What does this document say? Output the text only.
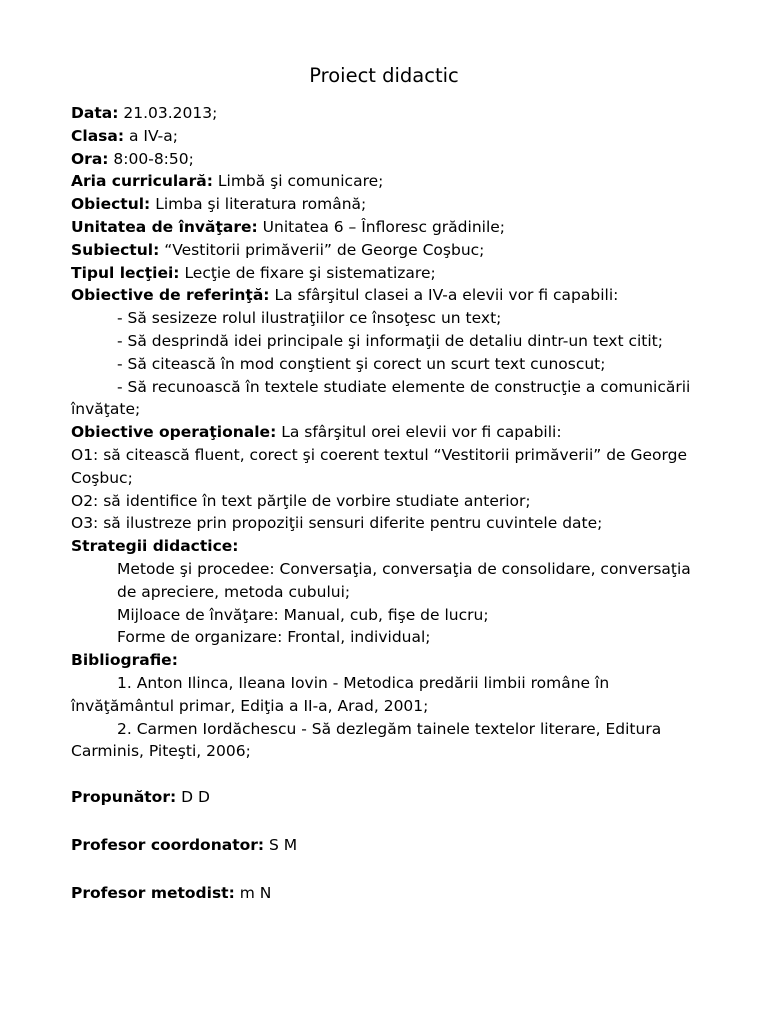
Proiect didactic

Data: 21.03.2013;

Clasa: a IV-a;

Ora: 8:00-8:50;

Aria curriculară: Limbă şi comunicare;

Obiectul: Limba şi literatura română;

Unitatea de învăţare: Unitatea 6 – Înfloresc grădinile;

Subiectul: “Vestitorii primăverii” de George Coşbuc;

Tipul lecţiei: Lecţie de fixare şi sistematizare;

Obiective de referinţă: La sfârşitul clasei a IV-a elevii vor fi capabili:

- Să sesizeze rolul ilustraţiilor ce însoţesc un text;

- Să desprindă idei principale şi informaţii de detaliu dintr-un text citit;

- Să citească în mod conştient şi corect un scurt text cunoscut;

- Să recunoască în textele studiate elemente de construcţie a comunicării învăţate;

Obiective operaţionale: La sfârşitul orei elevii vor fi capabili:

O1: să citească fluent, corect şi coerent textul “Vestitorii primăverii” de George Coşbuc;

O2: să identifice în text părţile de vorbire studiate anterior;

O3: să ilustreze prin propoziţii sensuri diferite pentru cuvintele date;

Strategii didactice:

Metode şi procedee: Conversaţia, conversaţia de consolidare, conversaţia de apreciere, metoda cubului;

Mijloace de învăţare: Manual, cub, fişe de lucru;

Forme de organizare: Frontal, individual;

Bibliografie:

1. Anton Ilinca, Ileana Iovin - Metodica predării limbii române în învăţământul primar, Ediţia a II-a, Arad, 2001;

2. Carmen Iordăchescu - Să dezlegăm tainele textelor literare, Editura Carminis, Piteşti, 2006;

Propunător: D D

Profesor coordonator: S M

Profesor metodist: m N
